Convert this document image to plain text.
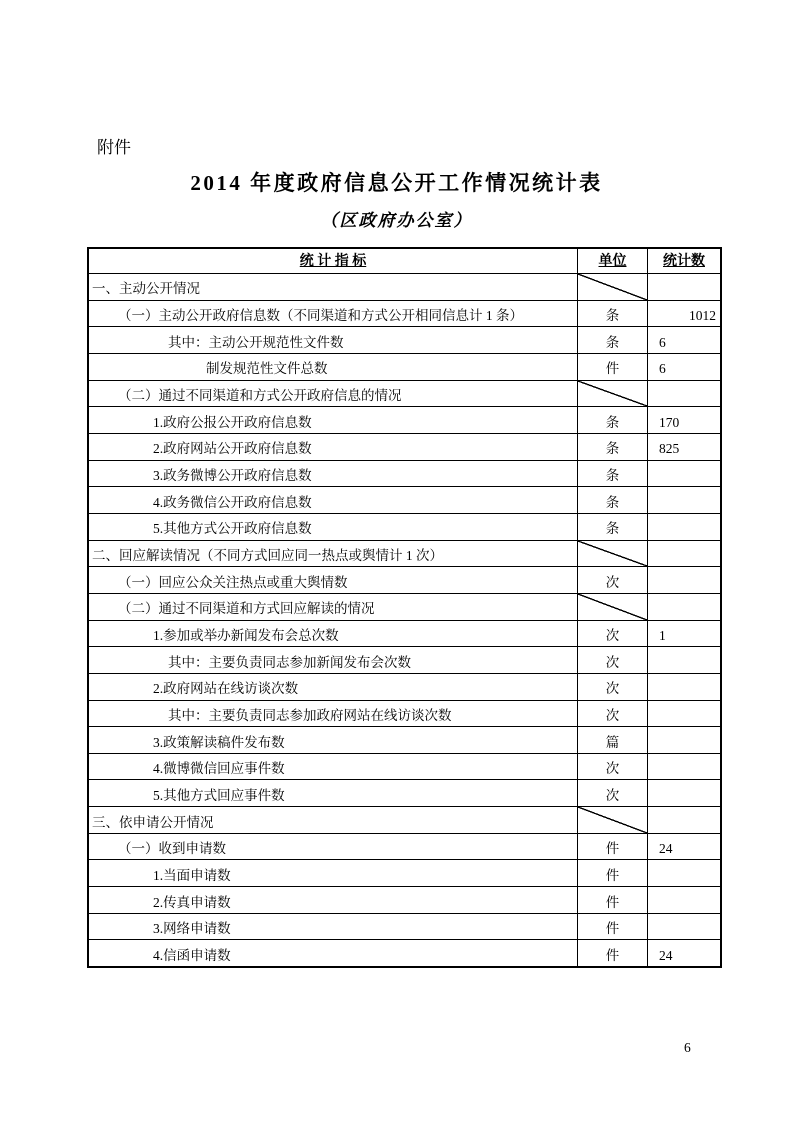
附件
2014 年度政府信息公开工作情况统计表
（区政府办公室）
统 计 指 标	单位	统计数
一、主动公开情况
（一）主动公开政府信息数（不同渠道和方式公开相同信息计 1 条）	条	1012
其中：主动公开规范性文件数	条	6
制发规范性文件总数	件	6
（二）通过不同渠道和方式公开政府信息的情况
1.政府公报公开政府信息数	条	170
2.政府网站公开政府信息数	条	825
3.政务微博公开政府信息数	条
4.政务微信公开政府信息数	条
5.其他方式公开政府信息数	条
二、回应解读情况（不同方式回应同一热点或舆情计 1 次）
（一）回应公众关注热点或重大舆情数	次
（二）通过不同渠道和方式回应解读的情况
1.参加或举办新闻发布会总次数	次	1
其中：主要负责同志参加新闻发布会次数	次
2.政府网站在线访谈次数	次
其中：主要负责同志参加政府网站在线访谈次数	次
3.政策解读稿件发布数	篇
4.微博微信回应事件数	次
5.其他方式回应事件数	次
三、依申请公开情况
（一）收到申请数	件	24
1.当面申请数	件
2.传真申请数	件
3.网络申请数	件
4.信函申请数	件	24
6
